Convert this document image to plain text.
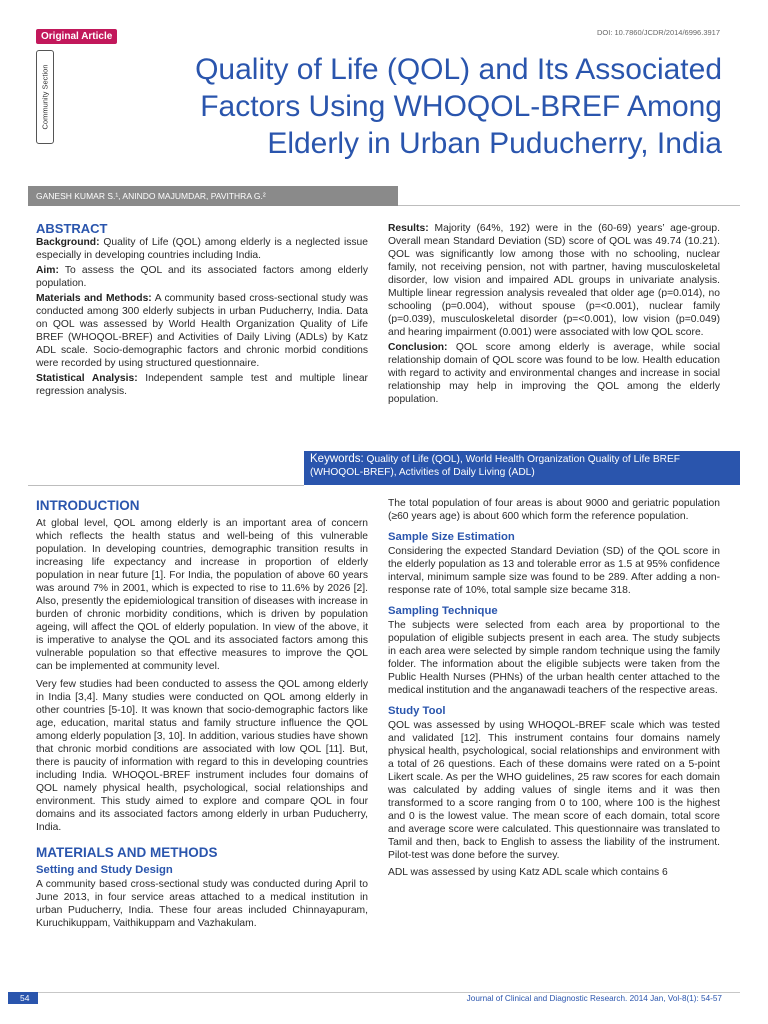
Original Article	DOI: 10.7860/JCDR/2014/6996.3917
Community Section	Quality of Life (QOL) and Its Associated Factors Using WHOQOL-BREF Among Elderly in Urban Puducherry, India
GANESH KUMAR S.¹, ANINDO MAJUMDAR, PAVITHRA G.²
ABSTRACT

Background: Quality of Life (QOL) among elderly is a neglected issue especially in developing countries including India.

Aim: To assess the QOL and its associated factors among elderly population.

Materials and Methods: A community based cross-sectional study was conducted among 300 elderly subjects in urban Puducherry, India. Data on QOL was assessed by World Health Organization Quality of Life BREF (WHOQOL-BREF) and Activities of Daily Living (ADLs) by Katz ADL scale. Socio-demographic factors and chronic morbid conditions were recorded by using structured questionnaire.

Statistical Analysis: Independent sample test and multiple linear regression analysis.

Results: Majority (64%, 192) were in the (60-69) years’ age-group. Overall mean Standard Deviation (SD) score of QOL was 49.74 (10.21). QOL was significantly low among those with no schooling, nuclear family, not receiving pension, not with partner, having musculoskeletal disorder, low vision and impaired ADL groups in univariate analysis. Multiple linear regression analysis revealed that older age (p=0.014), no schooling (p=0.004), without spouse (p=<0.001), nuclear family (p=0.039), musculoskeletal disorder (p=<0.001), low vision (p=0.049) and hearing impairment (0.001) were associated with low QOL score.

Conclusion: QOL score among elderly is average, while social relationship domain of QOL score was found to be low. Health education with regard to activity and environmental changes and increase in social relationship may help in improving the QOL among the elderly population.

Keywords: Quality of Life (QOL), World Health Organization Quality of Life BREF (WHOQOL-BREF), Activities of Daily Living (ADL)
INTRODUCTION

At global level, QOL among elderly is an important area of concern which reflects the health status and well-being of this vulnerable population. In developing countries, demographic transition results in increasing life expectancy and increase in proportion of elderly population in near future [1]. For India, the population of above 60 years was around 7% in 2001, which is expected to rise to 11.6% by 2026 [2]. Also, presently the epidemiological transition of diseases with increase in burden of chronic morbidity conditions, which is driven by population ageing, will affect the QOL of elderly population. In view of the above, it is imperative to analyse the QOL and its associated factors among this vulnerable population so that effective measures to improve the QOL can be implemented at community level.

Very few studies had been conducted to assess the QOL among elderly in India [3,4]. Many studies were conducted on QOL among elderly in other countries [5-10]. It was known that socio-demographic factors like age, education, marital status and family structure influence the QOL among elderly population [3, 10]. In addition, various studies have shown that chronic morbid conditions are associated with low QOL [11]. But, there is paucity of information with regard to this in developing countries including India. WHOQOL-BREF instrument includes four domains of QOL namely physical health, psychological, social relationships and environment. This study aimed to explore and compare QOL in four domains and its associated factors among elderly in urban Puducherry, India.

MATERIALS AND METHODS
Setting and Study Design

A community based cross-sectional study was conducted during April to June 2013, in four service areas attached to a medical institution in urban Puducherry, India. These four areas included Chinnayapuram, Kuruchikuppam, Vaithikuppam and Vazhakulam.

The total population of four areas is about 9000 and geriatric population (≥60 years age) is about 600 which form the reference population.

Sample Size Estimation

Considering the expected Standard Deviation (SD) of the QOL score in the elderly population as 13 and tolerable error as 1.5 at 95% confidence interval, minimum sample size was found to be 289. After adding a non-response rate of 10%, total sample size became 318.

Sampling Technique

The subjects were selected from each area by proportional to the population of eligible subjects present in each area. The study subjects in each area were selected by simple random technique using the family folder. The information about the eligible subjects were taken from the Public Health Nurses (PHNs) of the urban health center attached to the medical institution and the anganawadi teachers of the respective areas.

Study Tool

QOL was assessed by using WHOQOL-BREF scale which was tested and validated [12]. This instrument contains four domains namely physical health, psychological, social relationships and environment with a total of 26 questions. Each of these domains were rated on a 5-point Likert scale. As per the WHO guidelines, 25 raw scores for each domain was calculated by adding values of single items and it was then transformed to a score ranging from 0 to 100, where 100 is the highest and 0 is the lowest value. The mean score of each domain, total score and average score were calculated. This questionnaire was translated to Tamil and then, back to English to assess the liability of the instrument. Pilot-test was done before the survey.

ADL was assessed by using Katz ADL scale which contains 6

54	Journal of Clinical and Diagnostic Research. 2014 Jan, Vol-8(1): 54-57
